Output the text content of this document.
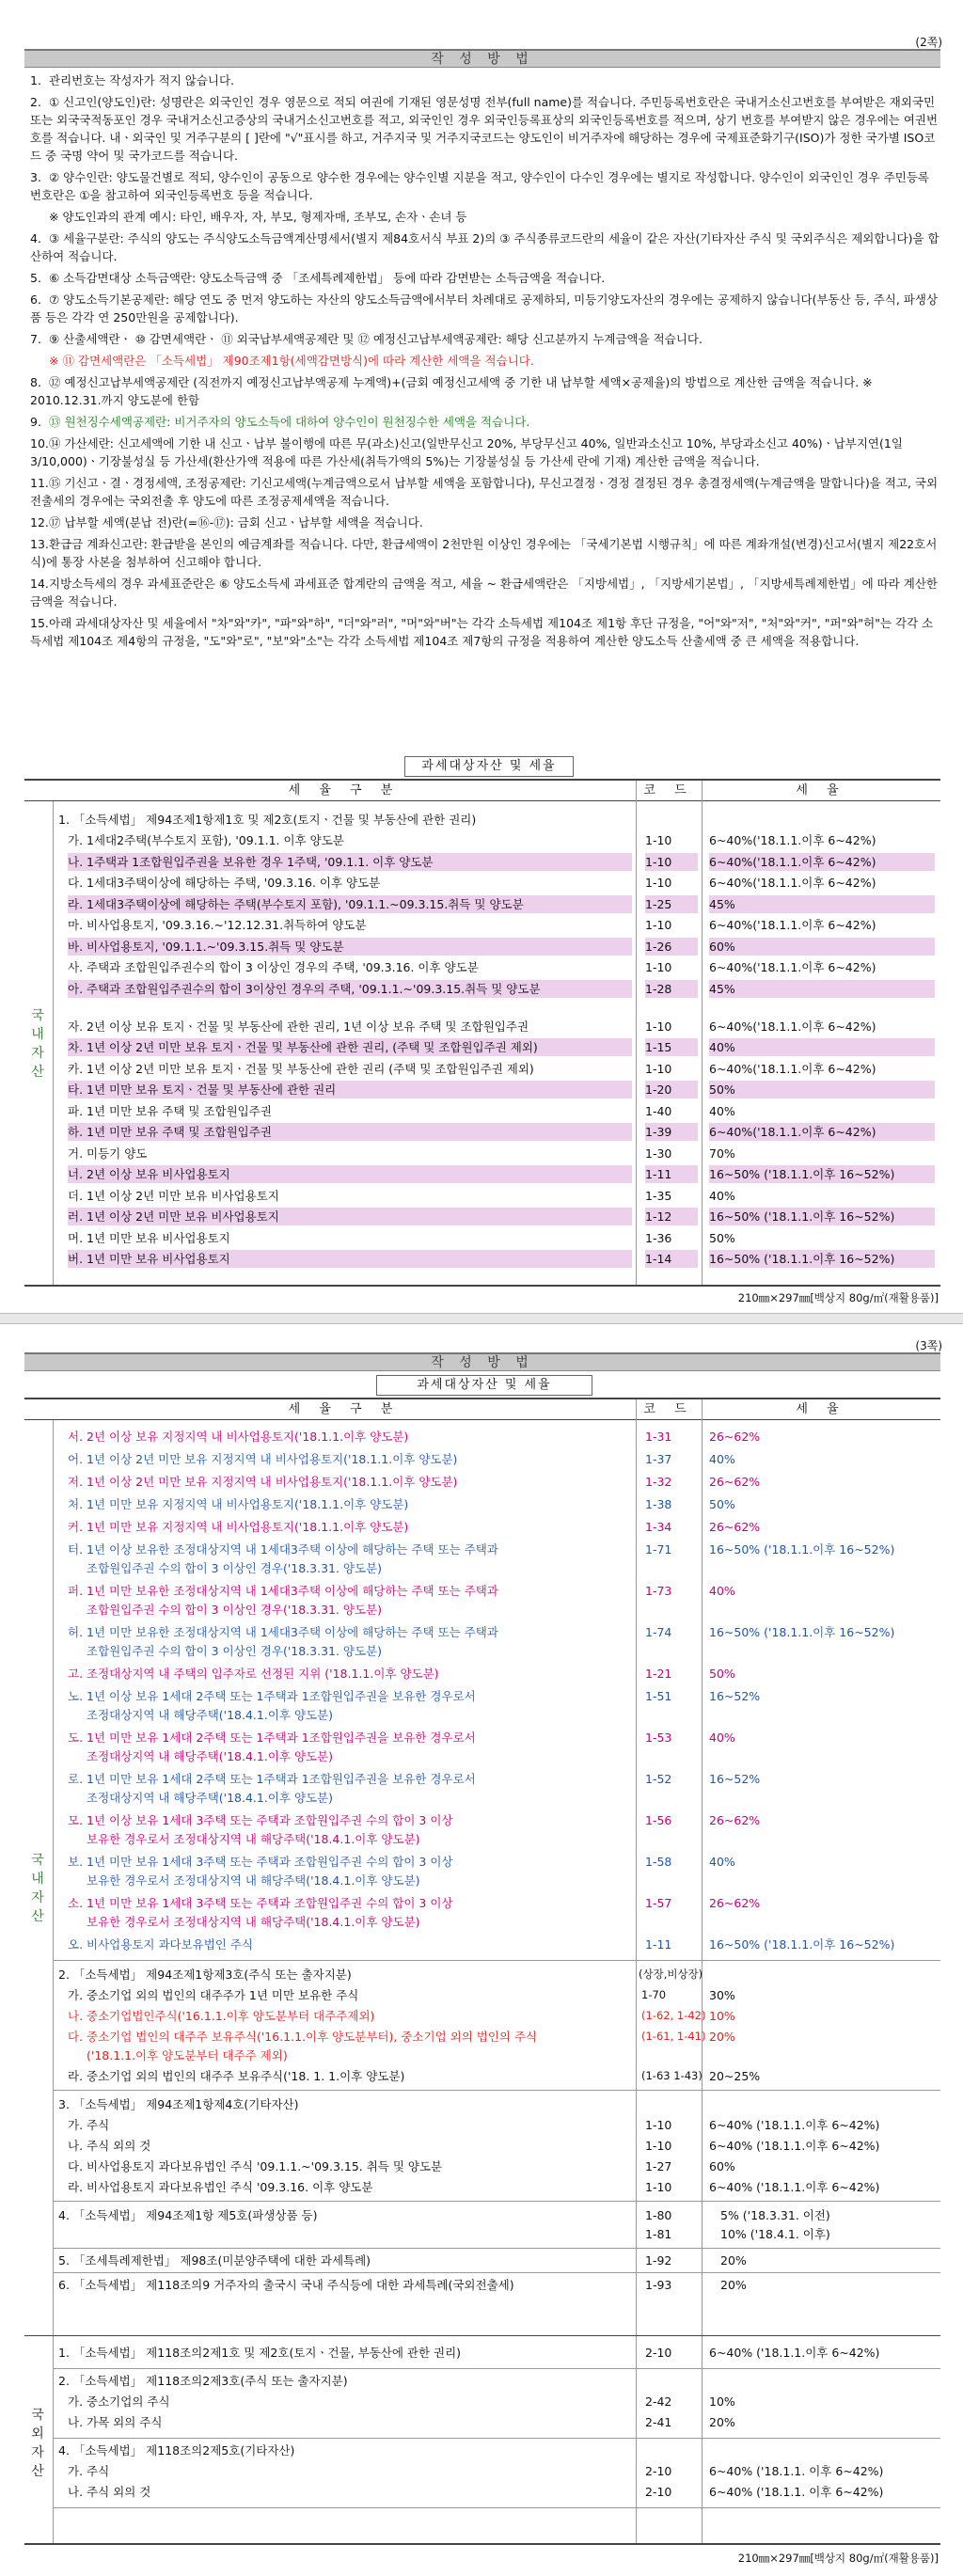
(2쪽)
작 성 방 법
1. 관리번호는 작성자가 적지 않습니다.
2. ① 신고인(양도인)란: 성명란은 외국인인 경우 영문으로 적되 여권에 기재된 영문성명 전부(full name)를 적습니다. 주민등록번호란은 국내거소신고번호를 부여받은 재외국민 또는 외국국적동포인 경우 국내거소신고증상의 국내거소신고번호를 적고, 외국인인 경우 외국인등록표상의 외국인등록번호를 적으며, 상기 번호를 부여받지 않은 경우에는 여권번호를 적습니다. 내ㆍ외국인 및 거주구분의 [ ]란에 "√"표시를 하고, 거주지국 및 거주지국코드는 양도인이 비거주자에 해당하는 경우에 국제표준화기구(ISO)가 정한 국가별 ISO코드 중 국명 약어 및 국가코드를 적습니다.
3. ② 양수인란: 양도물건별로 적되, 양수인이 공동으로 양수한 경우에는 양수인별 지분을 적고, 양수인이 다수인 경우에는 별지로 작성합니다. 양수인이 외국인인 경우 주민등록번호란은 ①을 참고하여 외국인등록번호 등을 적습니다.
※ 양도인과의 관계 예시: 타인, 배우자, 자, 부모, 형제자매, 조부모, 손자ㆍ손녀 등
4. ③ 세율구분란: 주식의 양도는 주식양도소득금액계산명세서(별지 제84호서식 부표 2)의 ③ 주식종류코드란의 세율이 같은 자산(기타자산 주식 및 국외주식은 제외합니다)을 합산하여 적습니다.
5. ⑥ 소득감면대상 소득금액란: 양도소득금액 중 「조세특례제한법」 등에 따라 감면받는 소득금액을 적습니다.
6. ⑦ 양도소득기본공제란: 해당 연도 중 먼저 양도하는 자산의 양도소득금액에서부터 차례대로 공제하되, 미등기양도자산의 경우에는 공제하지 않습니다(부동산 등, 주식, 파생상품 등은 각각 연 250만원을 공제합니다).
7. ⑨ 산출세액란ㆍ ⑩ 감면세액란ㆍ ⑪ 외국납부세액공제란 및 ⑫ 예정신고납부세액공제란: 해당 신고분까지 누계금액을 적습니다.
※ ⑪ 감면세액란은 「소득세법」 제90조제1항(세액감면방식)에 따라 계산한 세액을 적습니다.
8. ⑫ 예정신고납부세액공제란 (직전까지 예정신고납부액공제 누계액)+(금회 예정신고세액 중 기한 내 납부할 세액×공제율)의 방법으로 계산한 금액을 적습니다. ※ 2010.12.31.까지 양도분에 한함
9. ⑬ 원천징수세액공제란: 비거주자의 양도소득에 대하여 양수인이 원천징수한 세액을 적습니다.
10.⑭ 가산세란: 신고세액에 기한 내 신고ㆍ납부 불이행에 따른 무(과소)신고(일반무신고 20%, 부당무신고 40%, 일반과소신고 10%, 부당과소신고 40%)ㆍ납부지연(1일 3/10,000)ㆍ기장불성실 등 가산세(환산가액 적용에 따른 가산세(취득가액의 5%)는 기장불성실 등 가산세 란에 기재) 계산한 금액을 적습니다.
11.⑮ 기신고ㆍ결ㆍ경정세액, 조정공제란: 기신고세액(누계금액으로서 납부할 세액을 포함합니다), 무신고결정ㆍ경정 결정된 경우 총결정세액(누계금액을 말합니다)을 적고, 국외전출세의 경우에는 국외전출 후 양도에 따른 조정공제세액을 적습니다.
12.⑰ 납부할 세액(분납 전)란(=⑯-⑰): 금회 신고ㆍ납부할 세액을 적습니다.
13.환급금 계좌신고란: 환급받을 본인의 예금계좌를 적습니다. 다만, 환급세액이 2천만원 이상인 경우에는 「국세기본법 시행규칙」에 따른 계좌개설(변경)신고서(별지 제22호서식)에 통장 사본을 첨부하여 신고해야 합니다.
14.지방소득세의 경우 과세표준란은 ⑥ 양도소득세 과세표준 합계란의 금액을 적고, 세율 ~ 환급세액란은 「지방세법」, 「지방세기본법」, 「지방세특례제한법」에 따라 계산한 금액을 적습니다.
15.아래 과세대상자산 및 세율에서 "차"와"카", "파"와"하", "더"와"러", "머"와"버"는 각각 소득세법 제104조 제1항 후단 규정을, "어"와"저", "처"와"커", "퍼"와"허"는 각각 소득세법 제104조 제4항의 규정을, "도"와"로", "보"와"소"는 각각 소득세법 제104조 제7항의 규정을 적용하여 계산한 양도소득 산출세액 중 큰 세액을 적용합니다.
과세대상자산 및 세율
세 율 구 분	코 드	세 율
국내자산
1. 「소득세법」 제94조제1항제1호 및 제2호(토지ㆍ건물 및 부동산에 관한 권리)
가. 1세대2주택(부수토지 포함), '09.1.1. 이후 양도분	1-10	6~40%('18.1.1.이후 6~42%)
나. 1주택과 1조합원입주권을 보유한 경우 1주택, '09.1.1. 이후 양도분	1-10	6~40%('18.1.1.이후 6~42%)
다. 1세대3주택이상에 해당하는 주택, '09.3.16. 이후 양도분	1-10	6~40%('18.1.1.이후 6~42%)
라. 1세대3주택이상에 해당하는 주택(부수토지 포함), '09.1.1.~09.3.15.취득 및 양도분	1-25	45%
마. 비사업용토지, '09.3.16.~'12.12.31.취득하여 양도분	1-10	6~40%('18.1.1.이후 6~42%)
바. 비사업용토지, '09.1.1.~'09.3.15.취득 및 양도분	1-26	60%
사. 주택과 조합원입주권수의 합이 3 이상인 경우의 주택, '09.3.16. 이후 양도분	1-10	6~40%('18.1.1.이후 6~42%)
아. 주택과 조합원입주권수의 합이 3이상인 경우의 주택, '09.1.1.~'09.3.15.취득 및 양도분	1-28	45%
자. 2년 이상 보유 토지ㆍ건물 및 부동산에 관한 권리, 1년 이상 보유 주택 및 조합원입주권	1-10	6~40%('18.1.1.이후 6~42%)
차. 1년 이상 2년 미만 보유 토지ㆍ건물 및 부동산에 관한 권리, (주택 및 조합원입주권 제외)	1-15	40%
카. 1년 이상 2년 미만 보유 토지ㆍ건물 및 부동산에 관한 권리 (주택 및 조합원입주권 제외)	1-10	6~40%('18.1.1.이후 6~42%)
타. 1년 미만 보유 토지ㆍ건물 및 부동산에 관한 권리	1-20	50%
파. 1년 미만 보유 주택 및 조합원입주권	1-40	40%
하. 1년 미만 보유 주택 및 조합원입주권	1-39	6~40%('18.1.1.이후 6~42%)
거. 미등기 양도	1-30	70%
너. 2년 이상 보유 비사업용토지	1-11	16~50% ('18.1.1.이후 16~52%)
더. 1년 이상 2년 미만 보유 비사업용토지	1-35	40%
러. 1년 이상 2년 미만 보유 비사업용토지	1-12	16~50% ('18.1.1.이후 16~52%)
머. 1년 미만 보유 비사업용토지	1-36	50%
버. 1년 미만 보유 비사업용토지	1-14	16~50% ('18.1.1.이후 16~52%)
210㎜×297㎜[백상지 80g/㎡(재활용품)]
(3쪽)
작 성 방 법
과세대상자산 및 세율
세 율 구 분	코 드	세 율
국내자산
국외자산
서. 2년 이상 보유 지정지역 내 비사업용토지('18.1.1.이후 양도분)	1-31	26~62%
어. 1년 이상 2년 미만 보유 지정지역 내 비사업용토지('18.1.1.이후 양도분)	1-37	40%
저. 1년 이상 2년 미만 보유 지정지역 내 비사업용토지('18.1.1.이후 양도분)	1-32	26~62%
처. 1년 미만 보유 지정지역 내 비사업용토지('18.1.1.이후 양도분)	1-38	50%
커. 1년 미만 보유 지정지역 내 비사업용토지('18.1.1.이후 양도분)	1-34	26~62%
터. 1년 이상 보유한 조정대상지역 내 1세대3주택 이상에 해당하는 주택 또는 주택과	1-71	16~50% ('18.1.1.이후 16~52%)
조합원입주권 수의 합이 3 이상인 경우('18.3.31. 양도분)
퍼. 1년 미만 보유한 조정대상지역 내 1세대3주택 이상에 해당하는 주택 또는 주택과	1-73	40%
조합원입주권 수의 합이 3 이상인 경우('18.3.31. 양도분)
허. 1년 미만 보유한 조정대상지역 내 1세대3주택 이상에 해당하는 주택 또는 주택과	1-74	16~50% ('18.1.1.이후 16~52%)
조합원입주권 수의 합이 3 이상인 경우('18.3.31. 양도분)
고. 조정대상지역 내 주택의 입주자로 선정된 지위 ('18.1.1.이후 양도분)	1-21	50%
노. 1년 이상 보유 1세대 2주택 또는 1주택과 1조합원입주권을 보유한 경우로서	1-51	16~52%
조정대상지역 내 해당주택('18.4.1.이후 양도분)
도. 1년 미만 보유 1세대 2주택 또는 1주택과 1조합원입주권을 보유한 경우로서	1-53	40%
조정대상지역 내 해당주택('18.4.1.이후 양도분)
로. 1년 미만 보유 1세대 2주택 또는 1주택과 1조합원입주권을 보유한 경우로서	1-52	16~52%
조정대상지역 내 해당주택('18.4.1.이후 양도분)
모. 1년 이상 보유 1세대 3주택 또는 주택과 조합원입주권 수의 합이 3 이상	1-56	26~62%
보유한 경우로서 조정대상지역 내 해당주택('18.4.1.이후 양도분)
보. 1년 미만 보유 1세대 3주택 또는 주택과 조합원입주권 수의 합이 3 이상	1-58	40%
보유한 경우로서 조정대상지역 내 해당주택('18.4.1.이후 양도분)
소. 1년 미만 보유 1세대 3주택 또는 주택과 조합원입주권 수의 합이 3 이상	1-57	26~62%
보유한 경우로서 조정대상지역 내 해당주택('18.4.1.이후 양도분)
오. 비사업용토지 과다보유법인 주식	1-11	16~50% ('18.1.1.이후 16~52%)
2. 「소득세법」 제94조제1항제3호(주식 또는 출자지분)	(상장,비상장)
가. 중소기업 외의 법인의 대주주가 1년 미만 보유한 주식	1-70	30%
나. 중소기업법인주식('16.1.1.이후 양도분부터 대주주제외)	(1-62, 1-42) 10%
다. 중소기업 법인의 대주주 보유주식('16.1.1.이후 양도분부터), 중소기업 외의 법인의 주식	(1-61, 1-41) 20%
('18.1.1.이후 양도분부터 대주주 제외)
라. 중소기업 외의 법인의 대주주 보유주식('18. 1. 1.이후 양도분)	(1-63 1-43) 20~25%
3. 「소득세법」 제94조제1항제4호(기타자산)
가. 주식	1-10	6~40% ('18.1.1.이후 6~42%)
나. 주식 외의 것	1-10	6~40% ('18.1.1.이후 6~42%)
다. 비사업용토지 과다보유법인 주식 '09.1.1.~'09.3.15. 취득 및 양도분	1-27	60%
라. 비사업용토지 과다보유법인 주식 '09.3.16. 이후 양도분	1-10	6~40% ('18.1.1.이후 6~42%)
4. 「소득세법」 제94조제1항 제5호(파생상품 등)	1-80	5% ('18.3.31. 이전)
1-81	10% ('18.4.1. 이후)
5. 「조세특례제한법」 제98조(미분양주택에 대한 과세특례)	1-92	20%
6. 「소득세법」 제118조의9 거주자의 출국시 국내 주식등에 대한 과세특례(국외전출세)	1-93	20%
1. 「소득세법」 제118조의2제1호 및 제2호(토지ㆍ건물, 부동산에 관한 권리)	2-10	6~40% ('18.1.1.이후 6~42%)
2. 「소득세법」 제118조의2제3호(주식 또는 출자지분)
가. 중소기업의 주식	2-42	10%
나. 가목 외의 주식	2-41	20%
4. 「소득세법」 제118조의2제5호(기타자산)
가. 주식	2-10	6~40% ('18.1.1. 이후 6~42%)
나. 주식 외의 것	2-10	6~40% ('18.1.1. 이후 6~42%)
210㎜×297㎜[백상지 80g/㎡(재활용품)]
